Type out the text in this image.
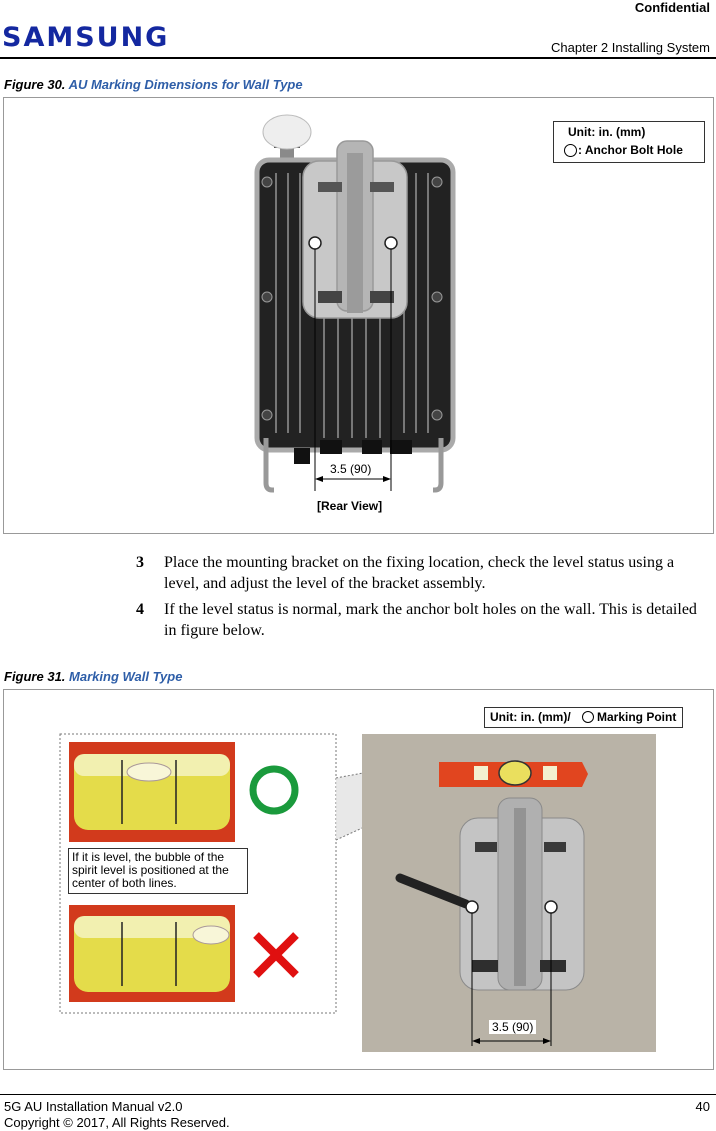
Confidential
SAMSUNG	Chapter 2 Installing System
Figure 30. AU Marking Dimensions for Wall Type
3.5 (90)
[Rear View]
Unit: in. (mm)
: Anchor Bolt Hole
3 Place the mounting bracket on the fixing location, check the level status using a level, and adjust the level of the bracket assembly.
4 If the level status is normal, mark the anchor bolt holes on the wall. This is detailed in figure below.
Figure 31. Marking Wall Type
Unit: in. (mm)/ Marking Point
If it is level, the bubble of the spirit level is positioned at the center of both lines.
3.5 (90)
5G AU Installation Manual v2.0
Copyright © 2017, All Rights Reserved.
40
